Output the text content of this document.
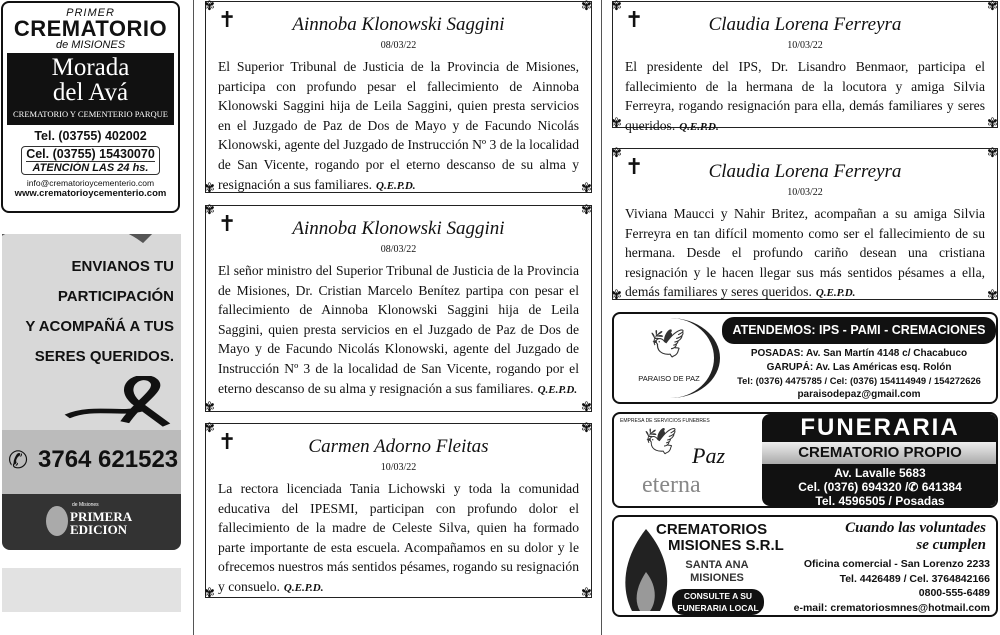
PRIMER
CREMATORIO
de MISIONES
Morada
del Avá
CREMATORIO Y CEMENTERIO PARQUE
Tel. (03755) 402002
Cel. (03755) 15430070
ATENCIÓN LAS 24 hs.
info@crematorioycementerio.com
www.crematorioycementerio.com
ENVIANOS TU
PARTICIPACIÓN
Y ACOMPAÑÁ A TUS
SERES QUERIDOS.
✆ 3764 621523
de Misiones
PRIMERA
EDICION
✾	✾
✾	✾
✝	Ainnoba Klonowski Saggini
08/03/22

El Superior Tribunal de Justicia de la Provincia de Misiones, participa con profundo pesar el fallecimiento de Ainnoba Klonowski Saggini hija de Leila Saggini, quien presta servicios en el Juzgado de Paz de Dos de Mayo y de Facundo Nicolás Klonowski, agente del Juzgado de Instrucción Nº 3 de la localidad de San Vicente, rogando por el eterno descanso de su alma y resignación a sus familiares. Q.E.P.D.

✾	✾
✾	✾
✝	Ainnoba Klonowski Saggini
08/03/22

El señor ministro del Superior Tribunal de Justicia de la Provincia de Misiones, Dr. Cristian Marcelo Benítez partipa con pesar el fallecimiento de Ainnoba Klonowski Saggini hija de Leila Saggini, quien presta servicios en el Juzgado de Paz de Dos de Mayo y de Facundo Nicolás Klonowski, agente del Juzgado de Instrucción Nº 3 de la localidad de San Vicente, rogando por el eterno descanso de su alma y resignación a sus familiares. Q.E.P.D.

✾	✾
✾	✾
✝	Carmen Adorno Fleitas
10/03/22

La rectora licenciada Tania Lichowski y toda la comunidad educativa del IPESMI, participan con profundo dolor el fallecimiento de la madre de Celeste Silva, quien ha formado parte importante de esta escuela. Acompañamos en su dolor y le ofrecemos nuestros más sentidos pésames, rogando su resignación y consuelo. Q.E.P.D.

✾	✾
✾	✾
✝	Claudia Lorena Ferreyra
10/03/22

El presidente del IPS, Dr. Lisandro Benmaor, participa el fallecimiento de la hermana de la locutora y amiga Silvia Ferreyra, rogando resignación para ella, demás familiares y seres queridos. Q.E.P.D.

✾	✾
✾	✾
✝	Claudia Lorena Ferreyra
10/03/22

Viviana Maucci y Nahir Britez, acompañan a su amiga Silvia Ferreyra en tan difícil momento como ser el fallecimiento de su hermana. Desde el profundo cariño desean una cristiana resignación y le hacen llegar sus más sentidos pésames a ella, demás familiares y seres queridos. Q.E.P.D.

🕊
PARAISO DE PAZ
ATENDEMOS: IPS - PAMI - CREMACIONES
POSADAS: Av. San Martín 4148 c/ Chacabuco
GARUPÁ: Av. Las Américas esq. Rolón
Tel: (0376) 4475785 / Cel: (0376) 154114949 / 154272626
paraisodepaz@gmail.com
EMPRESA DE SERVICIOS FUNEBRES
🕊 Paz
eterna
FUNERARIA
CREMATORIO PROPIO
Av. Lavalle 5683
Cel. (0376) 694320 /✆ 641384
Tel. 4596505 / Posadas
CREMATORIOS
MISIONES S.R.L
SANTA ANA
MISIONES
CONSULTE A SU
FUNERARIA LOCAL
Cuando las voluntades
se cumplen
Oficina comercial - San Lorenzo 2233
Tel. 4426489 / Cel. 3764842166
0800-555-6489
e-mail: crematoriosmnes@hotmail.com
